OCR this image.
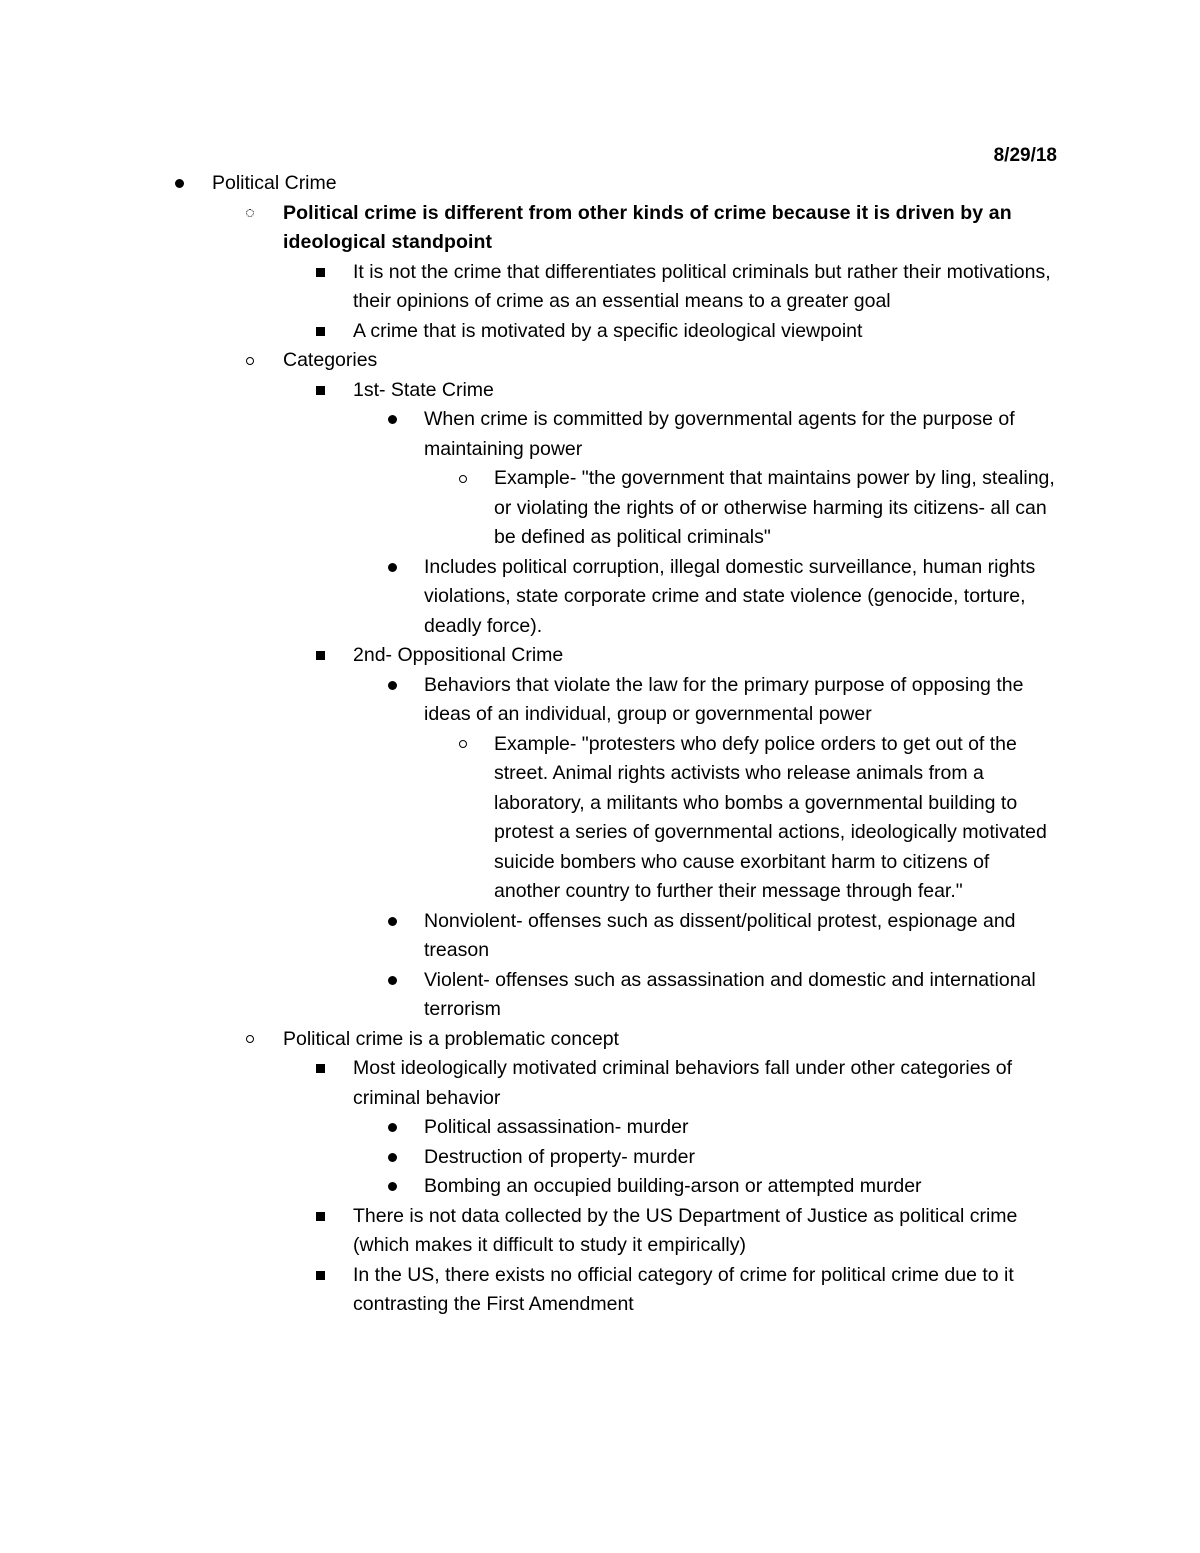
8/29/18
Political Crime
Political crime is different from other kinds of crime because it is driven by an ideological standpoint
It is not the crime that differentiates political criminals but rather their motivations, their opinions of crime as an essential means to a greater goal
A crime that is motivated by a specific ideological viewpoint
Categories
1st- State Crime
When crime is committed by governmental agents for the purpose of maintaining power
Example- "the government that maintains power by ling, stealing, or violating the rights of or otherwise harming its citizens- all can be defined as political criminals"
Includes political corruption, illegal domestic surveillance, human rights violations, state corporate crime and state violence (genocide, torture, deadly force).
2nd- Oppositional Crime
Behaviors that violate the law for the primary purpose of opposing the ideas of an individual, group or governmental power
Example- "protesters who defy police orders to get out of the street. Animal rights activists who release animals from a laboratory, a militants who bombs a governmental building to protest a series of governmental actions, ideologically motivated suicide bombers who cause exorbitant harm to citizens of another country to further their message through fear."
Nonviolent- offenses such as dissent/political protest, espionage and treason
Violent- offenses such as assassination and domestic and international terrorism
Political crime is a problematic concept
Most ideologically motivated criminal behaviors fall under other categories of criminal behavior
Political assassination- murder
Destruction of property- murder
Bombing an occupied building-arson or attempted murder
There is not data collected by the US Department of Justice as political crime (which makes it difficult to study it empirically)
In the US, there exists no official category of crime for political crime due to it contrasting the First Amendment
